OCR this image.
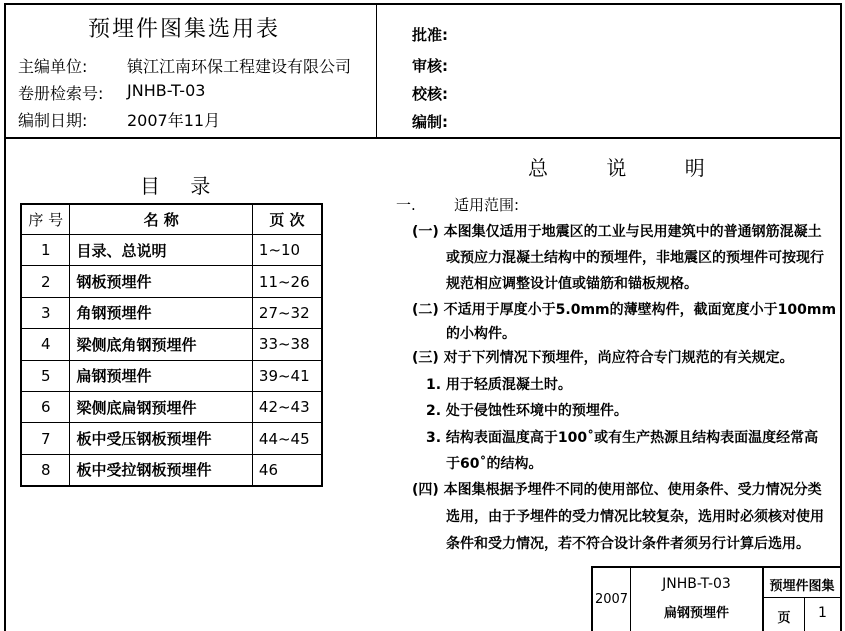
预埋件图集选用表
主编单位: 镇江江南环保工程建设有限公司
卷册检索号: JNHB-T-03
编制日期: 2007年11月
批准:
审核:
校核:
编制:
目 录
序 号	名 称	页 次
1	目录、总说明	1~10
2	钢板预埋件	11~26
3	角钢预埋件	27~32
4	梁侧底角钢预埋件	33~38
5	扁钢预埋件	39~41
6	梁侧底扁钢预埋件	42~43
7	板中受压钢板预埋件	44~45
8	板中受拉钢板预埋件	46
总 说 明
一.	适用范围:
(一) 本图集仅适用于地震区的工业与民用建筑中的普通钢筋混凝土
或预应力混凝土结构中的预埋件，非地震区的预埋件可按现行
规范相应调整设计值或锚筋和锚板规格。
(二) 不适用于厚度小于5.0mm的薄壁构件，截面宽度小于100mm
的小构件。
(三) 对于下列情况下预埋件，尚应符合专门规范的有关规定。
1. 用于轻质混凝土时。
2. 处于侵蚀性环境中的预埋件。
3. 结构表面温度高于100˚或有生产热源且结构表面温度经常高
于60˚的结构。
(四) 本图集根据予埋件不同的使用部位、使用条件、受力情况分类
选用，由于予埋件的受力情况比较复杂，选用时必须核对使用
条件和受力情况，若不符合设计条件者须另行计算后选用。
2007
JNHB-T-03
扁钢预埋件
预埋件图集
页	1
